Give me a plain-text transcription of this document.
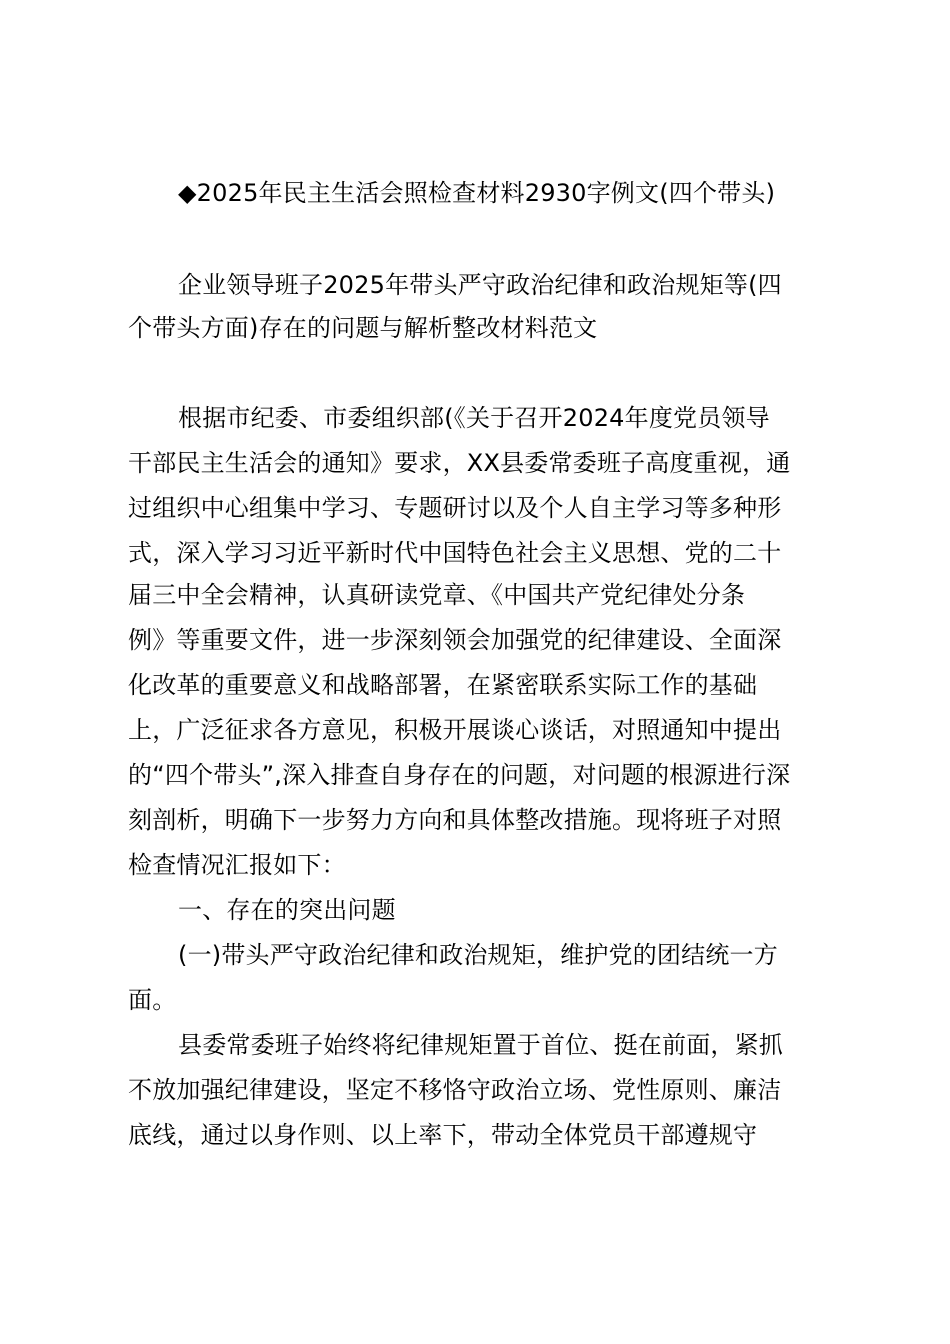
◆2025年民主生活会照检查材料2930字例文(四个带头)
企业领导班子2025年带头严守政治纪律和政治规矩等(四
个带头方面)存在的问题与解析整改材料范文
根据市纪委、市委组织部(《关于召开2024年度党员领导
干部民主生活会的通知》要求，XX县委常委班子高度重视，通
过组织中心组集中学习、专题研讨以及个人自主学习等多种形
式，深入学习习近平新时代中国特色社会主义思想、党的二十
届三中全会精神，认真研读党章、《中国共产党纪律处分条
例》等重要文件，进一步深刻领会加强党的纪律建设、全面深
化改革的重要意义和战略部署，在紧密联系实际工作的基础
上，广泛征求各方意见，积极开展谈心谈话，对照通知中提出
的“四个带头”,深入排查自身存在的问题，对问题的根源进行深
刻剖析，明确下一步努力方向和具体整改措施。现将班子对照
检查情况汇报如下：
一、存在的突出问题
(一)带头严守政治纪律和政治规矩，维护党的团结统一方
面。
县委常委班子始终将纪律规矩置于首位、挺在前面，紧抓
不放加强纪律建设，坚定不移恪守政治立场、党性原则、廉洁
底线，通过以身作则、以上率下，带动全体党员干部遵规守
